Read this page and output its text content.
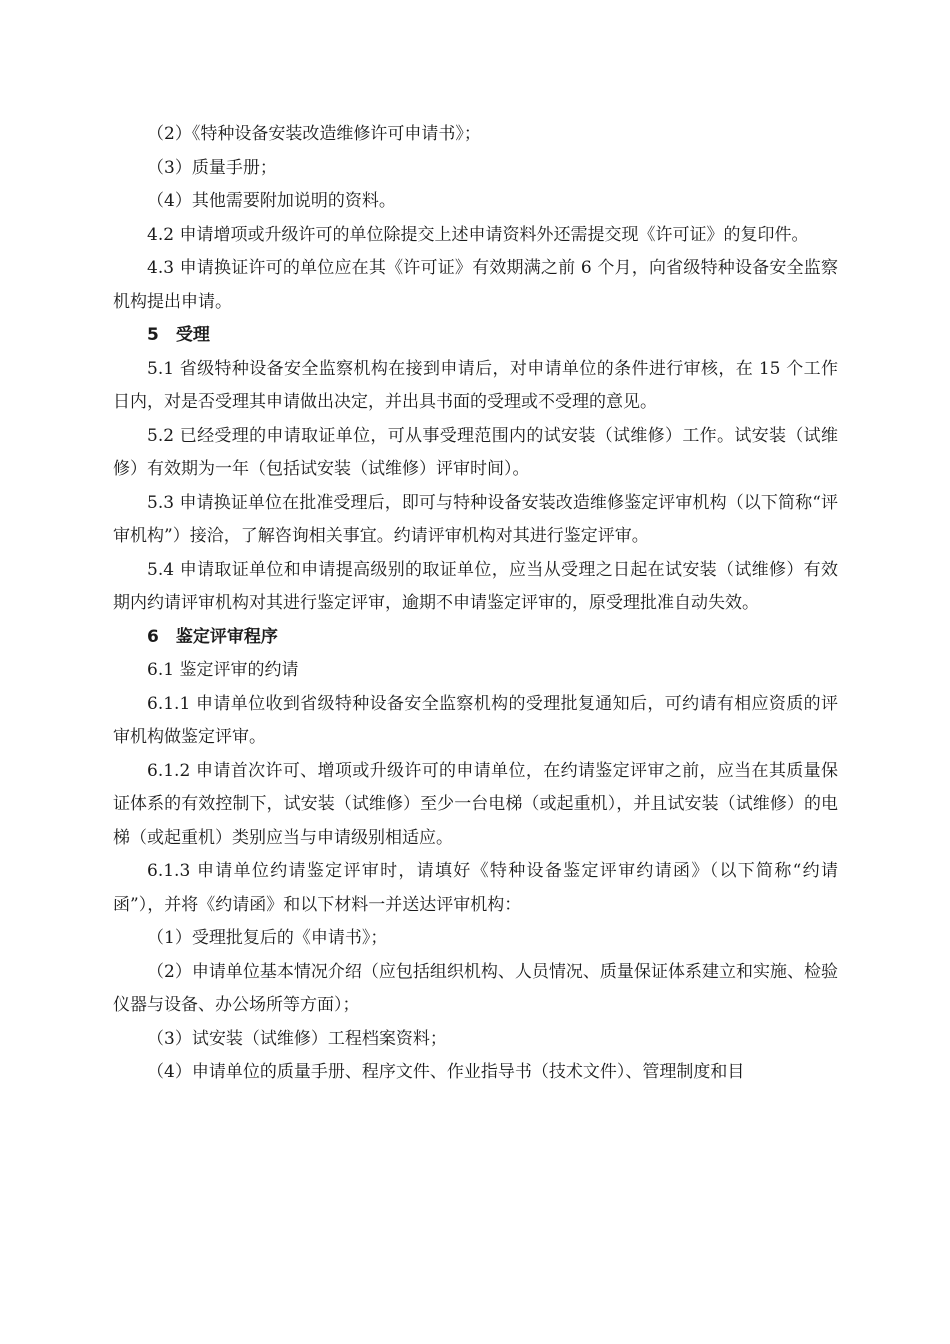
（2）《特种设备安装改造维修许可申请书》；

（3）质量手册；

（4）其他需要附加说明的资料。

4.2 申请增项或升级许可的单位除提交上述申请资料外还需提交现《许可证》的复印件。

4.3 申请换证许可的单位应在其《许可证》有效期满之前 6 个月，向省级特种设备安全监察机构提出申请。

5　受理

5.1 省级特种设备安全监察机构在接到申请后，对申请单位的条件进行审核，在 15 个工作日内，对是否受理其申请做出决定，并出具书面的受理或不受理的意见。

5.2 已经受理的申请取证单位，可从事受理范围内的试安装（试维修）工作。试安装（试维修）有效期为一年（包括试安装（试维修）评审时间）。

5.3 申请换证单位在批准受理后，即可与特种设备安装改造维修鉴定评审机构（以下简称“评审机构”）接洽，了解咨询相关事宜。约请评审机构对其进行鉴定评审。

5.4 申请取证单位和申请提高级别的取证单位，应当从受理之日起在试安装（试维修）有效期内约请评审机构对其进行鉴定评审，逾期不申请鉴定评审的，原受理批准自动失效。

6　鉴定评审程序

6.1 鉴定评审的约请

6.1.1 申请单位收到省级特种设备安全监察机构的受理批复通知后，可约请有相应资质的评审机构做鉴定评审。

6.1.2 申请首次许可、增项或升级许可的申请单位，在约请鉴定评审之前，应当在其质量保证体系的有效控制下，试安装（试维修）至少一台电梯（或起重机），并且试安装（试维修）的电梯（或起重机）类别应当与申请级别相适应。

6.1.3 申请单位约请鉴定评审时，请填好《特种设备鉴定评审约请函》（以下简称“约请函”），并将《约请函》和以下材料一并送达评审机构：

（1）受理批复后的《申请书》；

（2）申请单位基本情况介绍（应包括组织机构、人员情况、质量保证体系建立和实施、检验仪器与设备、办公场所等方面）；

（3）试安装（试维修）工程档案资料；

（4）申请单位的质量手册、程序文件、作业指导书（技术文件）、管理制度和目
